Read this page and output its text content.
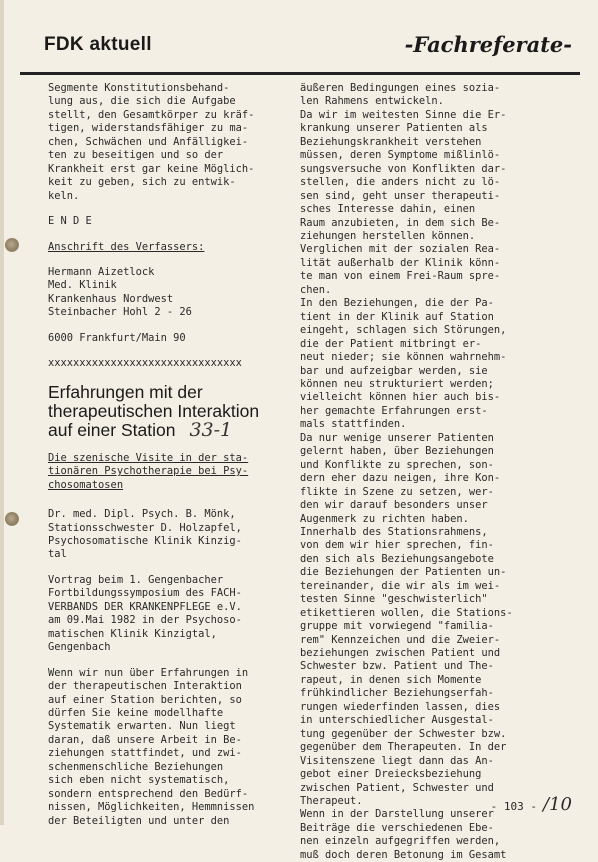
FDK aktuell	-Fachreferate-

Segmente Konstitutionsbehand-

lung aus, die sich die Aufgabe

stellt, den Gesamtkörper zu kräf-

tigen, widerstandsfähiger zu ma-

chen, Schwächen und Anfälligkei-

ten zu beseitigen und so der

Krankheit erst gar keine Möglich-

keit zu geben, sich zu entwik-

keln.

E N D E

Anschrift des Verfassers:

Hermann Aizetlock

Med. Klinik

Krankenhaus Nordwest

Steinbacher Hohl 2 - 26

6000 Frankfurt/Main 90

xxxxxxxxxxxxxxxxxxxxxxxxxxxxxxx

Erfahrungen mit der

therapeutischen Interaktion

auf einer Station 33-1

Die szenische Visite in der sta-

tionären Psychotherapie bei Psy-

chosomatosen

Dr. med. Dipl. Psych. B. Mönk,

Stationsschwester D. Holzapfel,

Psychosomatische Klinik Kinzig-

tal

Vortrag beim 1. Gengenbacher

Fortbildungssymposium des FACH-

VERBANDS DER KRANKENPFLEGE e.V.

am 09.Mai 1982 in der Psychoso-

matischen Klinik Kinzigtal,

Gengenbach

Wenn wir nun über Erfahrungen in

der therapeutischen Interaktion

auf einer Station berichten, so

dürfen Sie keine modellhafte

Systematik erwarten. Nun liegt

daran, daß unsere Arbeit in Be-

ziehungen stattfindet, und zwi-

schenmenschliche Beziehungen

sich eben nicht systematisch,

sondern entsprechend den Bedürf-

nissen, Möglichkeiten, Hemmnissen

der Beteiligten und unter den

äußeren Bedingungen eines sozia-

len Rahmens entwickeln.

Da wir im weitesten Sinne die Er-

krankung unserer Patienten als

Beziehungskrankheit verstehen

müssen, deren Symptome mißlinlö-

sungsversuche von Konflikten dar-

stellen, die anders nicht zu lö-

sen sind, geht unser therapeuti-

sches Interesse dahin, einen

Raum anzubieten, in dem sich Be-

ziehungen herstellen können.

Verglichen mit der sozialen Rea-

lität außerhalb der Klinik könn-

te man von einem Frei-Raum spre-

chen.

In den Beziehungen, die der Pa-

tient in der Klinik auf Station

eingeht, schlagen sich Störungen,

die der Patient mitbringt er-

neut nieder; sie können wahrnehm-

bar und aufzeigbar werden, sie

können neu strukturiert werden;

vielleicht können hier auch bis-

her gemachte Erfahrungen erst-

mals stattfinden.

Da nur wenige unserer Patienten

gelernt haben, über Beziehungen

und Konflikte zu sprechen, son-

dern eher dazu neigen, ihre Kon-

flikte in Szene zu setzen, wer-

den wir darauf besonders unser

Augenmerk zu richten haben.

Innerhalb des Stationsrahmens,

von dem wir hier sprechen, fin-

den sich als Beziehungsangebote

die Beziehungen der Patienten un-

tereinander, die wir als im wei-

testen Sinne "geschwisterlich"

etikettieren wollen, die Stations-

gruppe mit vorwiegend "familia-

rem" Kennzeichen und die Zweier-

beziehungen zwischen Patient und

Schwester bzw. Patient und The-

rapeut, in denen sich Momente

frühkindlicher Beziehungserfah-

rungen wiederfinden lassen, dies

in unterschiedlicher Ausgestal-

tung gegenüber der Schwester bzw.

gegenüber dem Therapeuten. In der

Visitenszene liegt dann das An-

gebot einer Dreiecksbeziehung

zwischen Patient, Schwester und

Therapeut.

Wenn in der Darstellung unserer

Beiträge die verschiedenen Ebe-

nen einzeln aufgegriffen werden,

muß doch deren Betonung im Gesamt

- 103 - /10
